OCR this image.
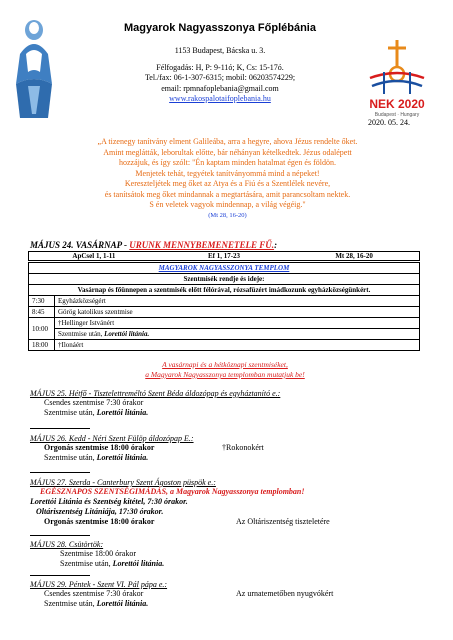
Magyarok Nagyasszonya Főplébánia
1153 Budapest, Bácska u. 3.
Félfogadás: H, P: 9-11ó; K, Cs: 15-17ó.
Tel./fax: 06-1-307-6315; mobil: 06203574229;
email: rpmnafoplebania@gmail.com
www.rakospalotaifoplebania.hu	NEK 2020
Budapest · Hungary
2020. 05. 24.
„A tizenegy tanítvány elment Galileába, arra a hegyre, ahova Jézus rendelte őket.
Amint meglátták, leborultak előtte, bár néhányan kételkedtek. Jézus odalépett
hozzájuk, és így szólt: "Én kaptam minden hatalmat égen és földön.
Menjetek tehát, tegyétek tanítványommá mind a népeket!
Kereszteljétek meg őket az Atya és a Fiú és a Szentlélek nevére,
és tanítsátok meg őket mindannak a megtartására, amit parancsoltam nektek.
S én veletek vagyok mindennap, a világ végéig."
(Mt 28, 16-20)
MÁJUS 24. VASÁRNAP - URUNK MENNYBEMENETELE FŰ.:
ApCsel 1, 1-11	Ef 1, 17-23	Mt 28, 16-20
MAGYAROK NAGYASSZONYA TEMPLOM	
Szentmisék rendje és ideje:	
Vasárnap és főünnepen a szentmisék előtt félórával, rózsafüzért imádkozunk egyházközségünkért.	
7:30	Egyházközségért
8:45	Görög katolikus szentmise
10:00	†Hellinger Istvánért
	Szentmise után, Lorettói litánia.
18:00	†Ilonáért
A vasárnapi és a hétköznapi szentmiséket,
a Magyarok Nagyasszonya templomban mutatjuk be!
MÁJUS 25. Hétfő - Tisztelettreméltó Szent Béda áldozópap és egyháztanító e.:
Csendes szentmise 7:30 órakor
Szentmise után, Lorettói litánia.
MÁJUS 26. Kedd - Néri Szent Fülöp áldozópap E.:
Orgonás szentmise 18:00 órakor	†Rokonokért
Szentmise után, Lorettói litánia.
MÁJUS 27. Szerda - Canterbury Szent Ágoston püspök e.:
EGÉSZNAPOS SZENTSÉGIMÁDÁS, a Magyarok Nagyasszonya templomban!
Lorettói Litánia és Szentség kitétel, 7:30 órakor.
Oltáriszentség Litániája, 17:30 órakor.
Orgonás szentmise 18:00 órakor	Az Oltáriszentség tiszteletére
MÁJUS 28. Csütörtök:
Szentmise 18:00 órakor
Szentmise után, Lorettói litánia.
MÁJUS 29. Péntek - Szent VI. Pál pápa e.:
Csendes szentmise 7:30 órakor	Az urnatemetőben nyugvókért
Szentmise után, Lorettói litánia.
